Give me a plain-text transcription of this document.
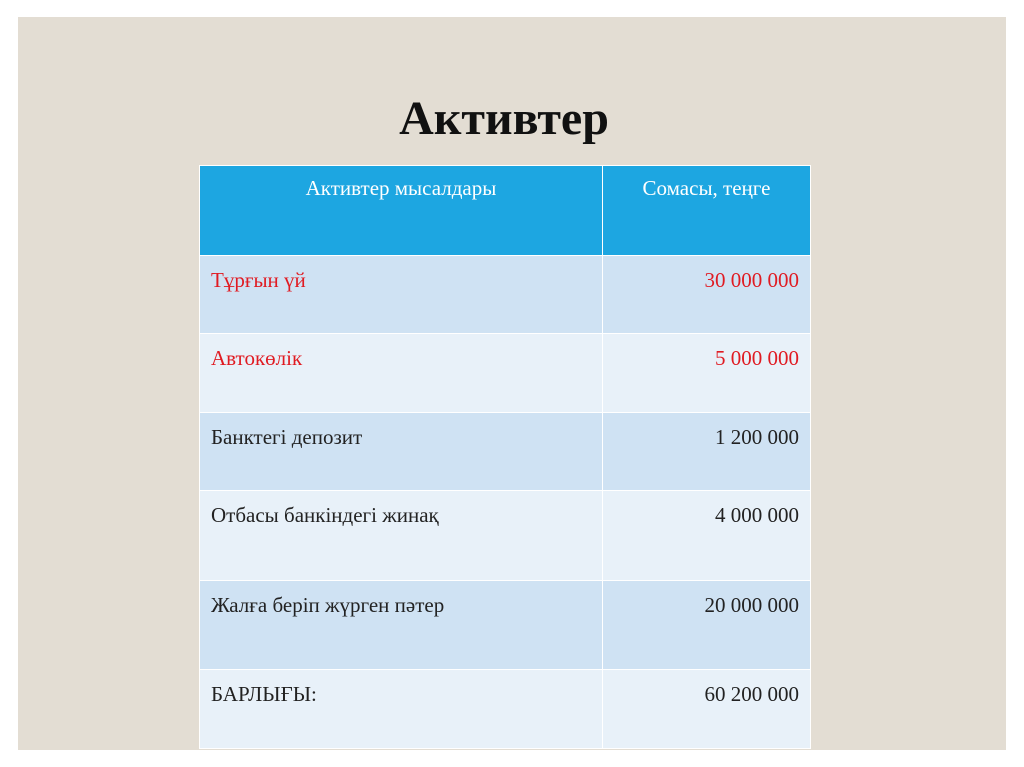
Активтер
Активтер мысалдары	Сомасы, теңге
Тұрғын үй	30 000 000
Автокөлік	5 000 000
Банктегі депозит	1 200 000
Отбасы банкіндегі жинақ	4 000 000
Жалға беріп жүрген пәтер	20 000 000
БАРЛЫҒЫ:	60 200 000
